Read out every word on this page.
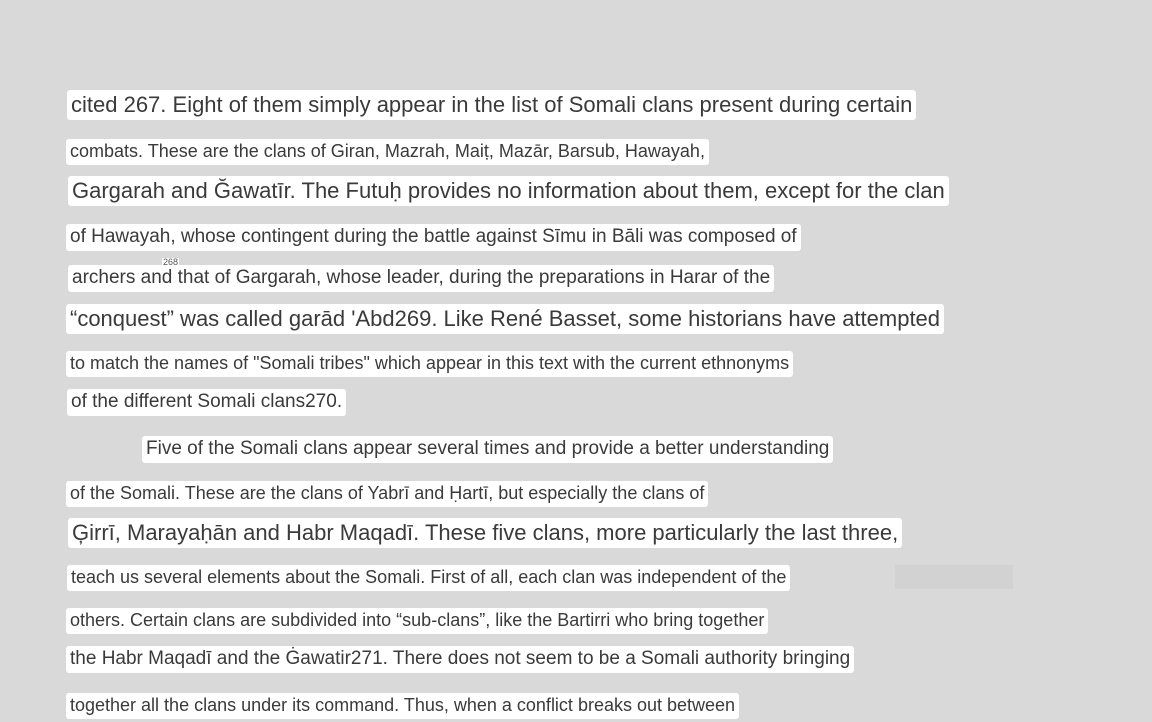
cited 267. Eight of them simply appear in the list of Somali clans present during certain
combats. These are the clans of Giran, Mazrah, Maiṭ, Mazār, Barsub, Hawayah,
Gargarah and Ğawatīr. The Futuḥ provides no information about them, except for the clan
of Hawayah, whose contingent during the battle against Sīmu in Bāli was composed of
archers and that of Gargarah, whose leader, during the preparations in Harar of the
268
“conquest” was called garād 'Abd269. Like René Basset, some historians have attempted
to match the names of "Somali tribes" which appear in this text with the current ethnonyms
of the different Somali clans270.
Five of the Somali clans appear several times and provide a better understanding
of the Somali. These are the clans of Yabrī and Ḥartī, but especially the clans of
Ģirrī, Marayaḥān and Habr Maqadī. These five clans, more particularly the last three,
teach us several elements about the Somali. First of all, each clan was independent of the
others. Certain clans are subdivided into “sub-clans”, like the Bartirri who bring together
the Habr Maqadī and the Ġawatir271. There does not seem to be a Somali authority bringing
together all the clans under its command. Thus, when a conflict breaks out between
